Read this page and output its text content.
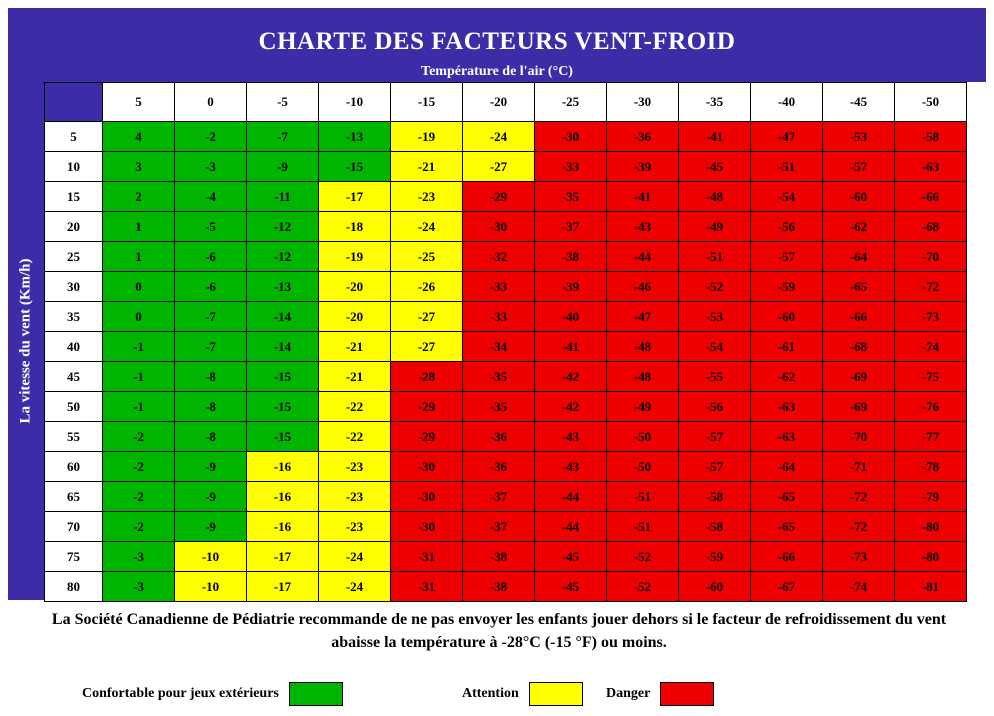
CHARTE DES FACTEURS VENT-FROID
Température de l'air (°C)
La vitesse du vent (Km/h)
	5	0	-5	-10	-15	-20	-25	-30	-35	-40	-45	-50
5	4	-2	-7	-13	-19	-24	-30	-36	-41	-47	-53	-58
10	3	-3	-9	-15	-21	-27	-33	-39	-45	-51	-57	-63
15	2	-4	-11	-17	-23	-29	-35	-41	-48	-54	-60	-66
20	1	-5	-12	-18	-24	-30	-37	-43	-49	-56	-62	-68
25	1	-6	-12	-19	-25	-32	-38	-44	-51	-57	-64	-70
30	0	-6	-13	-20	-26	-33	-39	-46	-52	-59	-65	-72
35	0	-7	-14	-20	-27	-33	-40	-47	-53	-60	-66	-73
40	-1	-7	-14	-21	-27	-34	-41	-48	-54	-61	-68	-74
45	-1	-8	-15	-21	-28	-35	-42	-48	-55	-62	-69	-75
50	-1	-8	-15	-22	-29	-35	-42	-49	-56	-63	-69	-76
55	-2	-8	-15	-22	-29	-36	-43	-50	-57	-63	-70	-77
60	-2	-9	-16	-23	-30	-36	-43	-50	-57	-64	-71	-78
65	-2	-9	-16	-23	-30	-37	-44	-51	-58	-65	-72	-79
70	-2	-9	-16	-23	-30	-37	-44	-51	-58	-65	-72	-80
75	-3	-10	-17	-24	-31	-38	-45	-52	-59	-66	-73	-80
80	-3	-10	-17	-24	-31	-38	-45	-52	-60	-67	-74	-81
La Société Canadienne de Pédiatrie recommande de ne pas envoyer les enfants jouer dehors si le facteur de refroidissement du vent abaisse la température à -28°C (-15 °F) ou moins.
Confortable pour jeux extérieurs	Attention	Danger
